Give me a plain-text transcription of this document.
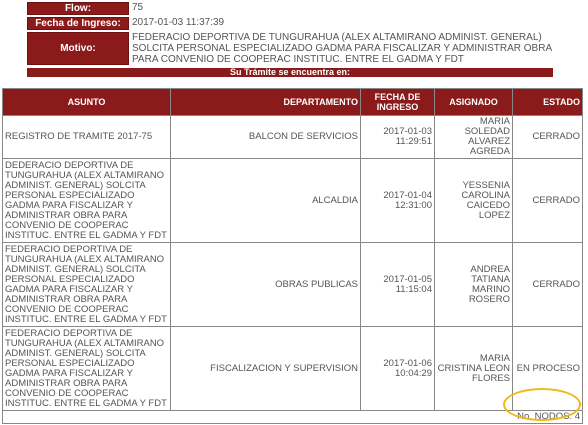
Flow:	75
Fecha de Ingreso:	2017-01-03 11:37:39
Motivo:	FEDERACIO DEPORTIVA DE TUNGURAHUA (ALEX ALTAMIRANO ADMINIST. GENERAL) SOLCITA PERSONAL ESPECIALIZADO GADMA PARA FISCALIZAR Y ADMINISTRAR OBRA PARA CONVENIO DE COOPERAC INSTITUC. ENTRE EL GADMA Y FDT
Su Trámite se encuentra en:
ASUNTO	DEPARTAMENTO	FECHA DE INGRESO	ASIGNADO	ESTADO
REGISTRO DE TRAMITE 2017-75	BALCON DE SERVICIOS	2017-01-03 11:29:51	MARIA SOLEDAD ALVAREZ AGREDA	CERRADO
DEDERACIO DEPORTIVA DE TUNGURAHUA (ALEX ALTAMIRANO ADMINIST. GENERAL) SOLCITA PERSONAL ESPECIALIZADO GADMA PARA FISCALIZAR Y ADMINISTRAR OBRA PARA CONVENIO DE COOPERAC INSTITUC. ENTRE EL GADMA Y FDT	ALCALDIA	2017-01-04 12:31:00	YESSENIA CAROLINA CAICEDO LOPEZ	CERRADO
FEDERACIO DEPORTIVA DE TUNGURAHUA (ALEX ALTAMIRANO ADMINIST. GENERAL) SOLCITA PERSONAL ESPECIALIZADO GADMA PARA FISCALIZAR Y ADMINISTRAR OBRA PARA CONVENIO DE COOPERAC INSTITUC. ENTRE EL GADMA Y FDT	OBRAS PUBLICAS	2017-01-05 11:15:04	ANDREA TATIANA MARINO ROSERO	CERRADO
FEDERACIO DEPORTIVA DE TUNGURAHUA (ALEX ALTAMIRANO ADMINIST. GENERAL) SOLCITA PERSONAL ESPECIALIZADO GADMA PARA FISCALIZAR Y ADMINISTRAR OBRA PARA CONVENIO DE COOPERAC INSTITUC. ENTRE EL GADMA Y FDT	FISCALIZACION Y SUPERVISION	2017-01-06 10:04:29	MARIA CRISTINA LEON FLORES	EN PROCESO
No. NODOS: 4				
